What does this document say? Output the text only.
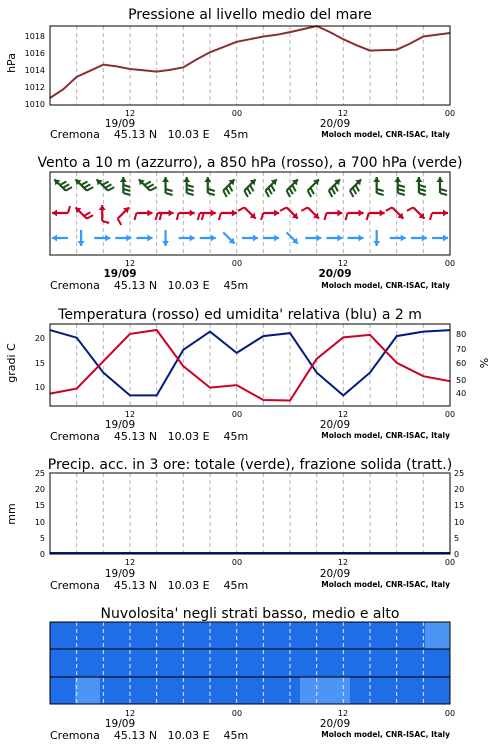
Pressione al livello medio del mare
hPa
1010
1012
1014
1016
1018
12	00	12	00
19/09	20/09
Cremona    45.13 N   10.03 E    45m	Moloch model, CNR-ISAC, Italy
Vento a 10 m (azzurro), a 850 hPa (rosso), a 700 hPa (verde)
12	00	12	00
19/09	20/09
Cremona    45.13 N   10.03 E    45m	Moloch model, CNR-ISAC, Italy
Temperatura (rosso) ed umidita' relativa (blu) a 2 m
gradi C	%
10
15
20
40
50
60
70
80
12	00	12	00
19/09	20/09
Cremona    45.13 N   10.03 E    45m	Moloch model, CNR-ISAC, Italy
Precip. acc. in 3 ore: totale (verde), frazione solida (tratt.)
mm
0
5
10
15
20
25
0
5
10
15
20
25
12	00	12	00
19/09	20/09
Cremona    45.13 N   10.03 E    45m	Moloch model, CNR-ISAC, Italy
Nuvolosita' negli strati basso, medio e alto
12	00	12	00
19/09	20/09
Cremona    45.13 N   10.03 E    45m	Moloch model, CNR-ISAC, Italy
